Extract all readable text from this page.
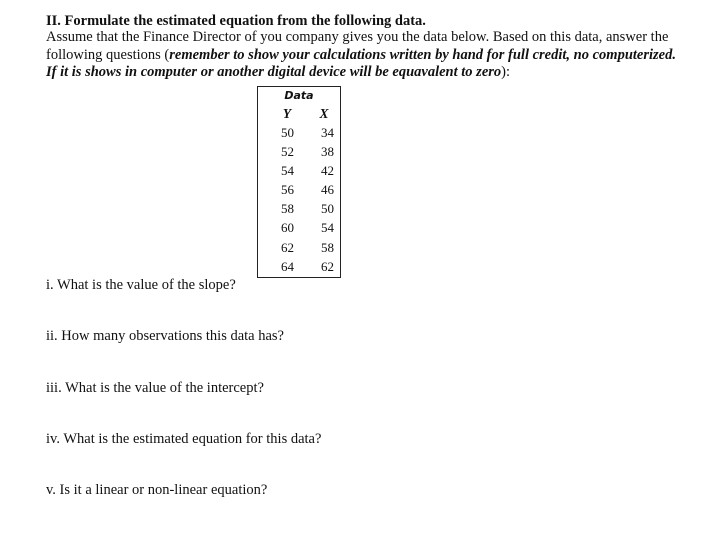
II. Formulate the estimated equation from the following data.
Assume that the Finance Director of you company gives you the data below. Based on this data, answer the following questions (remember to show your calculations written by hand for full credit, no computerized. If it is shows in computer or another digital device will be equavalent to zero):
Data
Y	X
50	34
52	38
54	42
56	46
58	50
60	54
62	58
64	62
i. What is the value of the slope?
ii. How many observations this data has?
iii. What is the value of the intercept?
iv. What is the estimated equation for this data?
v. Is it a linear or non-linear equation?
